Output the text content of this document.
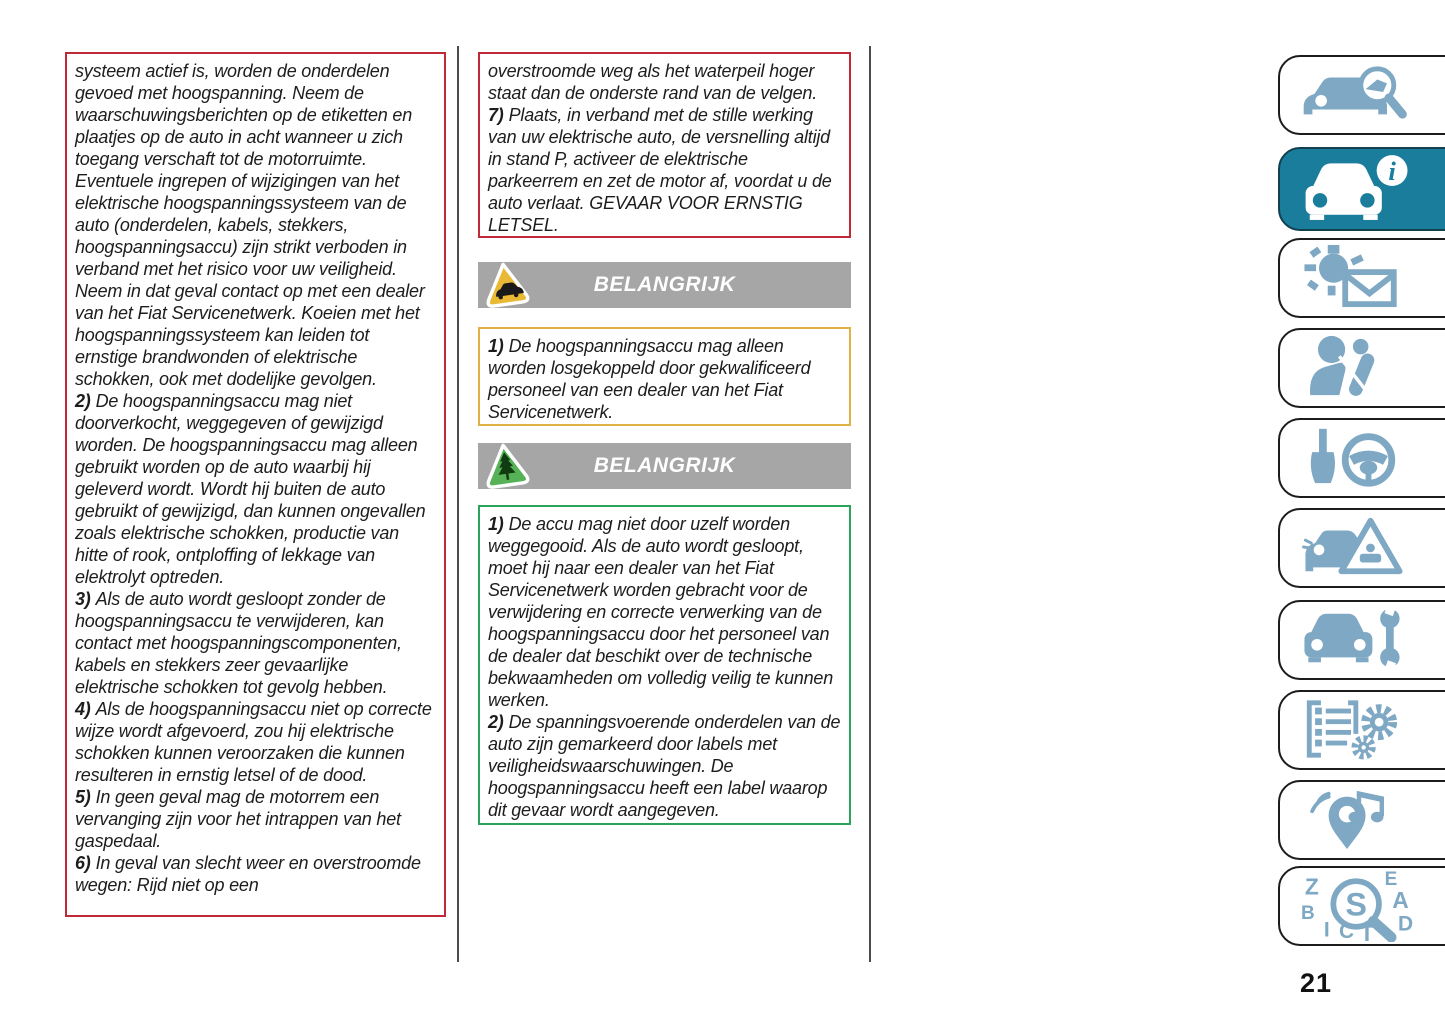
systeem actief is, worden de onderdelen gevoed met hoogspanning. Neem de waarschuwingsberichten op de etiketten en plaatjes op de auto in acht wanneer u zich toegang verschaft tot de motorruimte. Eventuele ingrepen of wijzigingen van het elektrische hoogspanningssysteem van de auto (onderdelen, kabels, stekkers, hoogspanningsaccu) zijn strikt verboden in verband met het risico voor uw veiligheid. Neem in dat geval contact op met een dealer van het Fiat Servicenetwerk. Koeien met het hoogspanningssysteem kan leiden tot ernstige brandwonden of elektrische schokken, ook met dodelijke gevolgen.

2) De hoogspanningsaccu mag niet doorverkocht, weggegeven of gewijzigd worden. De hoogspanningsaccu mag alleen gebruikt worden op de auto waarbij hij geleverd wordt. Wordt hij buiten de auto gebruikt of gewijzigd, dan kunnen ongevallen zoals elektrische schokken, productie van hitte of rook, ontploffing of lekkage van elektrolyt optreden.

3) Als de auto wordt gesloopt zonder de hoogspanningsaccu te verwijderen, kan contact met hoogspanningscomponenten, kabels en stekkers zeer gevaarlijke elektrische schokken tot gevolg hebben.

4) Als de hoogspanningsaccu niet op correcte wijze wordt afgevoerd, zou hij elektrische schokken kunnen veroorzaken die kunnen resulteren in ernstig letsel of de dood.

5) In geen geval mag de motorrem een vervanging zijn voor het intrappen van het gaspedaal.

6) In geval van slecht weer en overstroomde wegen: Rijd niet op een

overstroomde weg als het waterpeil hoger staat dan de onderste rand van de velgen.

7) Plaats, in verband met de stille werking van uw elektrische auto, de versnelling altijd in stand P, activeer de elektrische parkeerrem en zet de motor af, voordat u de auto verlaat. GEVAAR VOOR ERNSTIG LETSEL.

BELANGRIJK

1) De hoogspanningsaccu mag alleen worden losgekoppeld door gekwalificeerd personeel van een dealer van het Fiat Servicenetwerk.

BELANGRIJK

1) De accu mag niet door uzelf worden weggegooid. Als de auto wordt gesloopt, moet hij naar een dealer van het Fiat Servicenetwerk worden gebracht voor de verwijdering en correcte verwerking van de hoogspanningsaccu door het personeel van de dealer dat beschikt over de technische bekwaamheden om volledig veilig te kunnen werken.

2) De spanningsvoerende onderdelen van de auto zijn gemarkeerd door labels met veiligheidswaarschuwingen. De hoogspanningsaccu heeft een label waarop dit gevaar wordt aangegeven.

i
Z	E
B
A
I C T D
S
21
